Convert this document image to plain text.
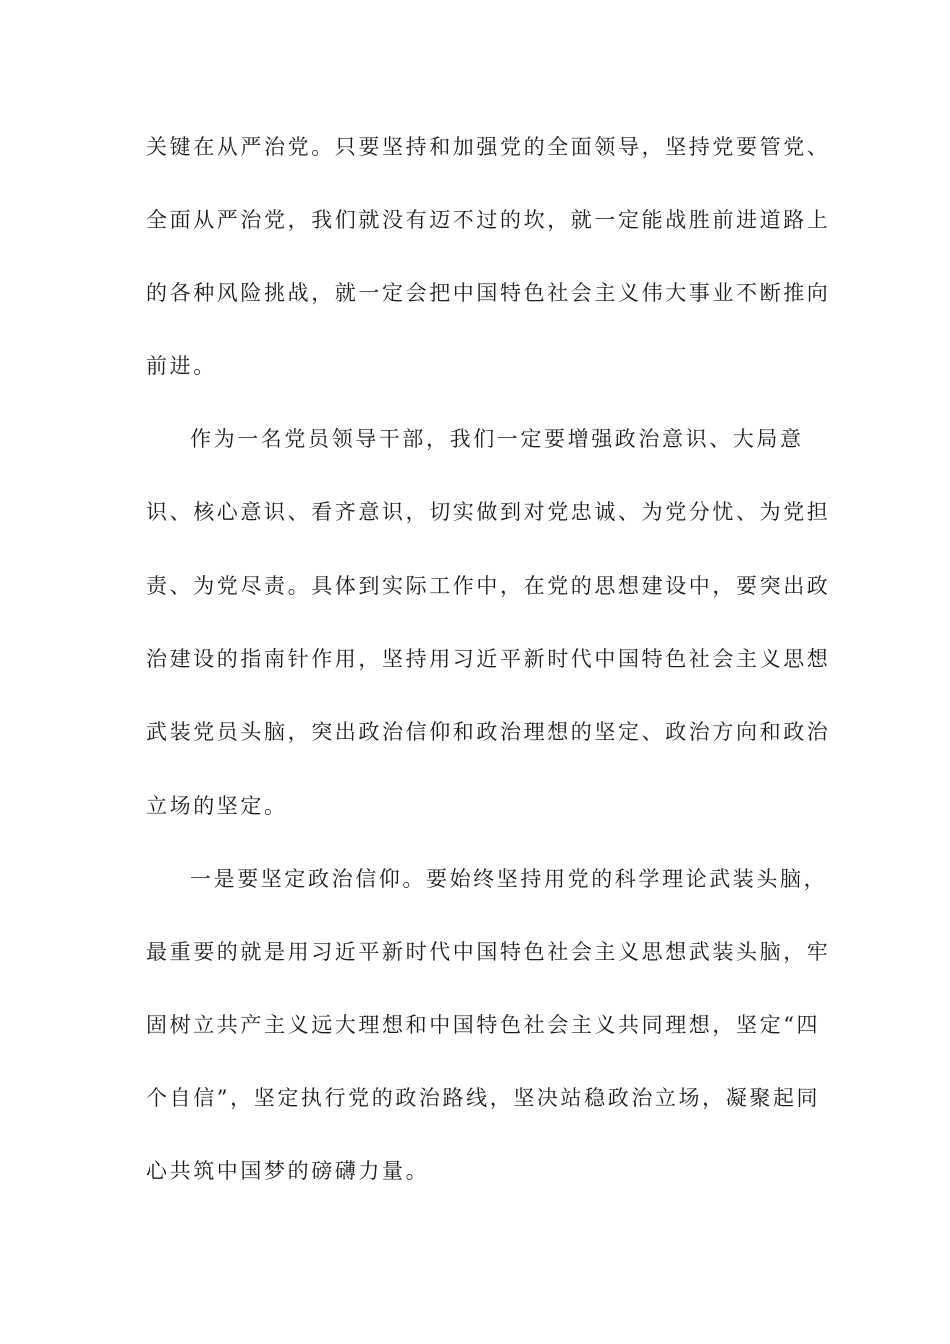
关键在从严治党。只要坚持和加强党的全面领导，坚持党要管党、
全面从严治党，我们就没有迈不过的坎，就一定能战胜前进道路上
的各种风险挑战，就一定会把中国特色社会主义伟大事业不断推向
前进。
作为一名党员领导干部，我们一定要增强政治意识、大局意
识、核心意识、看齐意识，切实做到对党忠诚、为党分忧、为党担
责、为党尽责。具体到实际工作中，在党的思想建设中，要突出政
治建设的指南针作用，坚持用习近平新时代中国特色社会主义思想
武装党员头脑，突出政治信仰和政治理想的坚定、政治方向和政治
立场的坚定。
一是要坚定政治信仰。要始终坚持用党的科学理论武装头脑，
最重要的就是用习近平新时代中国特色社会主义思想武装头脑，牢
固树立共产主义远大理想和中国特色社会主义共同理想，坚定“四
个自信”，坚定执行党的政治路线，坚决站稳政治立场，凝聚起同
心共筑中国梦的磅礴力量。
